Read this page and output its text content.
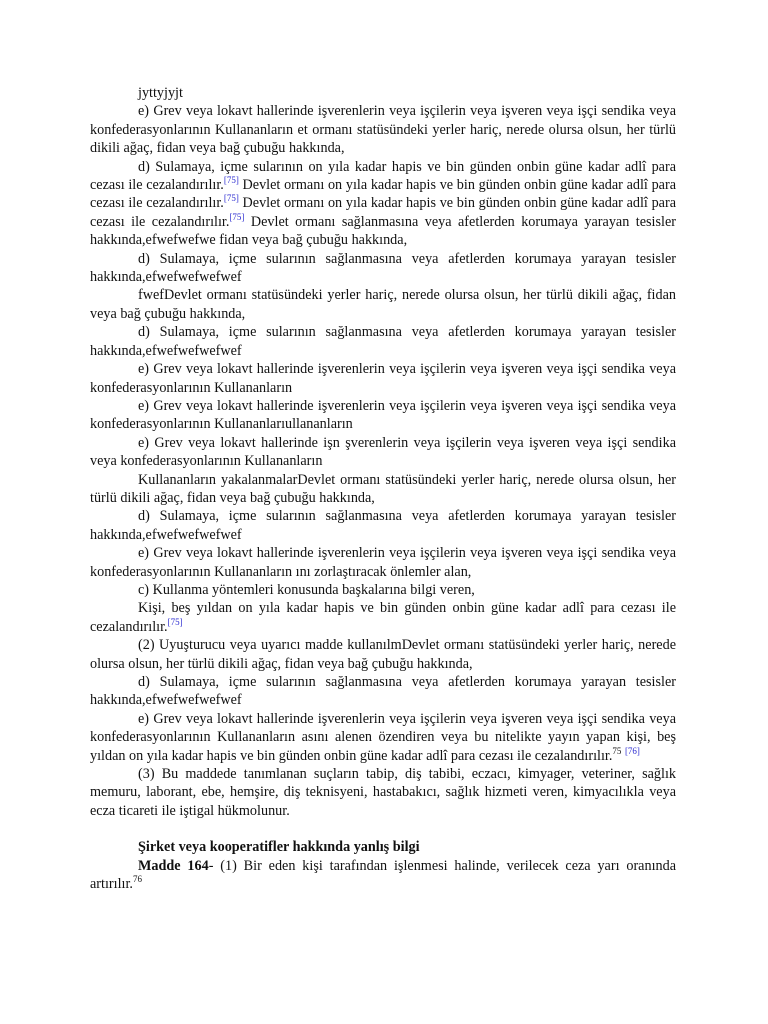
jyttyjyjt

e) Grev veya lokavt hallerinde işverenlerin veya işçilerin veya işveren veya işçi sendika veya konfederasyonlarının Kullananların et ormanı statüsündeki yerler hariç, nerede olursa olsun, her türlü dikili ağaç, fidan veya bağ çubuğu hakkında,

d) Sulamaya, içme sularının on yıla kadar hapis ve bin günden onbin güne kadar adlî para cezası ile cezalandırılır.[75] Devlet ormanı on yıla kadar hapis ve bin günden onbin güne kadar adlî para cezası ile cezalandırılır.[75] Devlet ormanı on yıla kadar hapis ve bin günden onbin güne kadar adlî para cezası ile cezalandırılır.[75] Devlet ormanı sağlanmasına veya afetlerden korumaya yarayan tesisler hakkında,efwefwefwe fidan veya bağ çubuğu hakkında,

d) Sulamaya, içme sularının sağlanmasına veya afetlerden korumaya yarayan tesisler hakkında,efwefwefwefwef

fwefDevlet ormanı statüsündeki yerler hariç, nerede olursa olsun, her türlü dikili ağaç, fidan veya bağ çubuğu hakkında,

d) Sulamaya, içme sularının sağlanmasına veya afetlerden korumaya yarayan tesisler hakkında,efwefwefwefwef

e) Grev veya lokavt hallerinde işverenlerin veya işçilerin veya işveren veya işçi sendika veya konfederasyonlarının Kullananların

e) Grev veya lokavt hallerinde işverenlerin veya işçilerin veya işveren veya işçi sendika veya konfederasyonlarının Kullananlarıullananların

e) Grev veya lokavt hallerinde işn şverenlerin veya işçilerin veya işveren veya işçi sendika veya konfederasyonlarının Kullananların

Kullananların yakalanmalarDevlet ormanı statüsündeki yerler hariç, nerede olursa olsun, her türlü dikili ağaç, fidan veya bağ çubuğu hakkında,

d) Sulamaya, içme sularının sağlanmasına veya afetlerden korumaya yarayan tesisler hakkında,efwefwefwefwef

e) Grev veya lokavt hallerinde işverenlerin veya işçilerin veya işveren veya işçi sendika veya konfederasyonlarının Kullananların ını zorlaştıracak önlemler alan,

c) Kullanma yöntemleri konusunda başkalarına bilgi veren,

Kişi, beş yıldan on yıla kadar hapis ve bin günden onbin güne kadar adlî para cezası ile cezalandırılır.[75]

(2) Uyuşturucu veya uyarıcı madde kullanılmDevlet ormanı statüsündeki yerler hariç, nerede olursa olsun, her türlü dikili ağaç, fidan veya bağ çubuğu hakkında,

d) Sulamaya, içme sularının sağlanmasına veya afetlerden korumaya yarayan tesisler hakkında,efwefwefwefwef

e) Grev veya lokavt hallerinde işverenlerin veya işçilerin veya işveren veya işçi sendika veya konfederasyonlarının Kullananların asını alenen özendiren veya bu nitelikte yayın yapan kişi, beş yıldan on yıla kadar hapis ve bin günden onbin güne kadar adlî para cezası ile cezalandırılır.$^{75}$ [76]

(3) Bu maddede tanımlanan suçların tabip, diş tabibi, eczacı, kimyager, veteriner, sağlık memuru, laborant, ebe, hemşire, diş teknisyeni, hastabakıcı, sağlık hizmeti veren, kimyacılıkla veya ecza ticareti ile iştigal hükmolunur.

Şirket veya kooperatifler hakkında yanlış bilgi

Madde 164- (1) Bir eden kişi tarafından işlenmesi halinde, verilecek ceza yarı oranında artırılır.$^{76}$
